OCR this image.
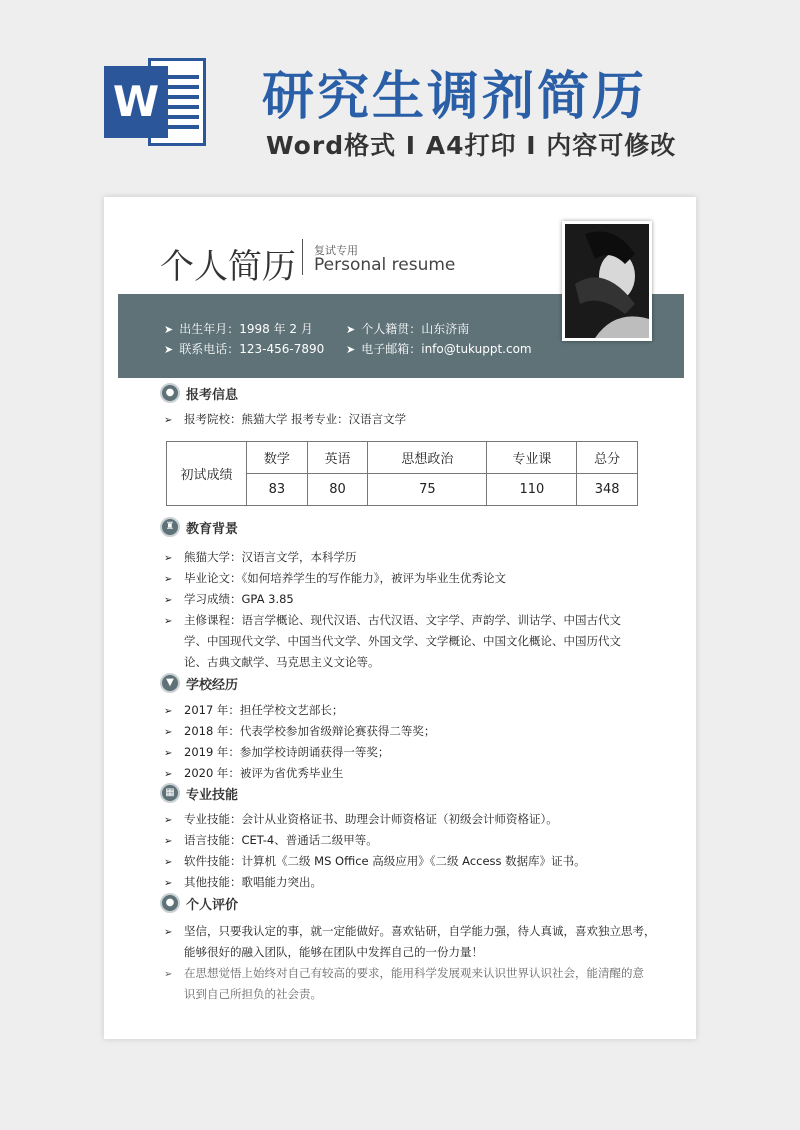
W 研究生调剂简历
Word格式 I A4打印 I 内容可修改
个人简历 复试专用
Personal resume
➤ 出生年月：1998 年 2 月	➤ 个人籍贯：山东济南
➤ 联系电话：123-456-7890 ➤ 电子邮箱：info@tukuppt.com
● 报考信息
➢ 报考院校：熊猫大学 报考专业：汉语言文学
初试成绩	数学	英语	思想政治	专业课	总分
	83	80	75	110	348
♜ 教育背景
➢ 熊猫大学：汉语言文学，本科学历
➢ 毕业论文：《如何培养学生的写作能力》，被评为毕业生优秀论文
➢ 学习成绩：GPA 3.85
➢ 主修课程：语言学概论、现代汉语、古代汉语、文字学、声韵学、训诂学、中国古代文
学、中国现代文学、中国当代文学、外国文学、文学概论、中国文化概论、中国历代文
论、古典文献学、马克思主义文论等。
▼ 学校经历
➢ 2017 年：担任学校文艺部长；
➢ 2018 年：代表学校参加省级辩论赛获得二等奖；
➢ 2019 年：参加学校诗朗诵获得一等奖；
➢ 2020 年：被评为省优秀毕业生
▦ 专业技能
➢ 专业技能：会计从业资格证书、助理会计师资格证（初级会计师资格证）。
➢ 语言技能：CET-4、普通话二级甲等。
➢ 软件技能：计算机《二级 MS Office 高级应用》《二级 Access 数据库》证书。
➢ 其他技能：歌唱能力突出。
● 个人评价
➢ 坚信，只要我认定的事，就一定能做好。喜欢钻研，自学能力强，待人真诚，喜欢独立思考，
能够很好的融入团队，能够在团队中发挥自己的一份力量！
➢ 在思想觉悟上始终对自己有较高的要求，能用科学发展观来认识世界认识社会，能清醒的意
识到自己所担负的社会责。
